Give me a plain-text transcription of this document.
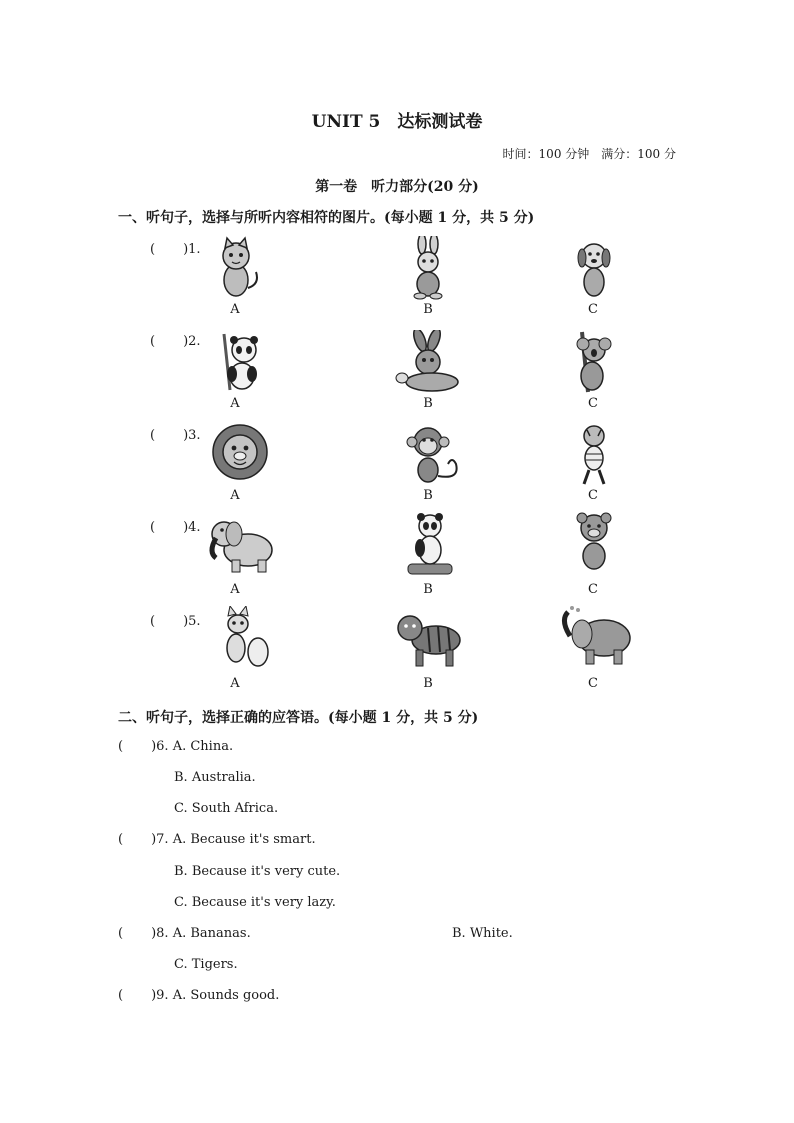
UNIT 5　达标测试卷
时间：100 分钟　满分：100 分
第一卷　听力部分(20 分)
一、听句子，选择与所听内容相符的图片。(每小题 1 分，共 5 分)
( )1.
A	B	C
( )2.
A	B	C
( )3.
A	B	C
( )4.
A	B	C
( )5.
A	B	C
二、听句子，选择正确的应答语。(每小题 1 分，共 5 分)
( )6. A. China.
B. Australia.
C. South Africa.
( )7. A. Because it's smart.
B. Because it's very cute.
C. Because it's very lazy.
( )8. A. Bananas.	B. White.
C. Tigers.
( )9. A. Sounds good.
